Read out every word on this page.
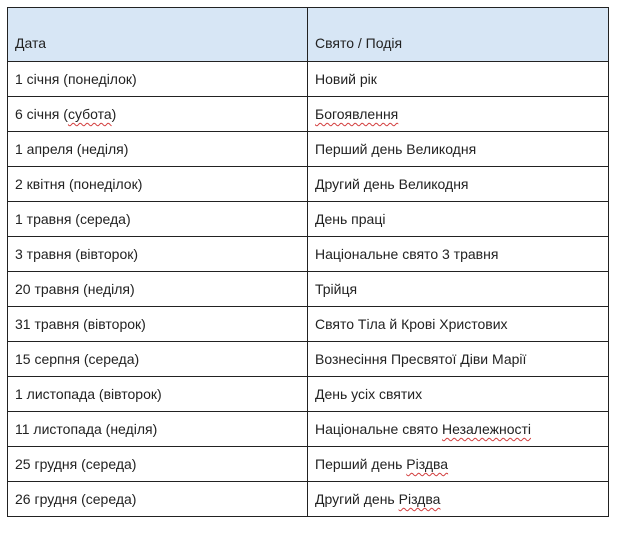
Дата	Свято / Подія
1 січня (понеділок)	Новий рік
6 січня (субота)	Богоявлення
1 апреля (неділя)	Перший день Великодня
2 квітня (понеділок)	Другий день Великодня
1 травня (середа)	День праці
3 травня (вівторок)	Національне свято 3 травня
20 травня (неділя)	Трійця
31 травня (вівторок)	Свято Тіла й Крові Христових
15 серпня (середа)	Вознесіння Пресвятої Діви Марії
1 листопада (вівторок)	День усіх святих
11 листопада (неділя)	Національне свято Незалежності
25 грудня (середа)	Перший день Різдва
26 грудня (середа)	Другий день Різдва
